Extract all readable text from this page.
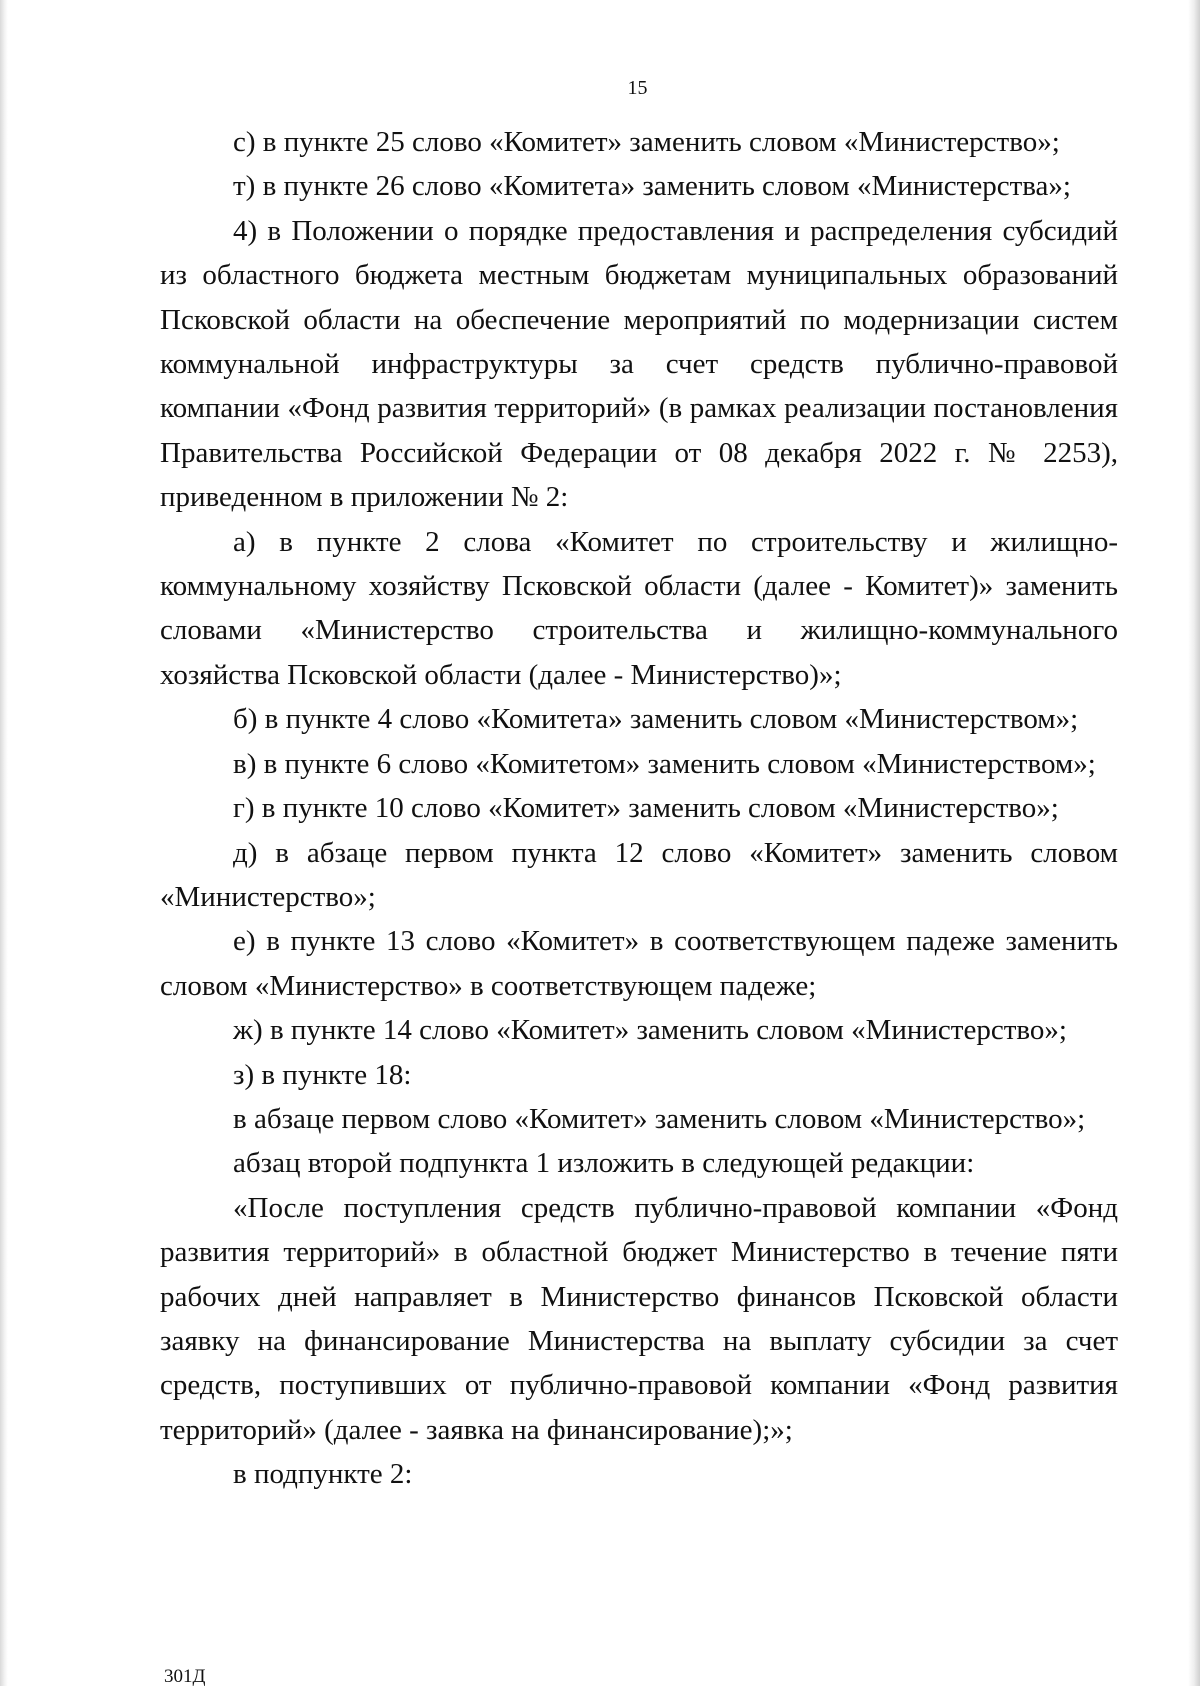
15

с) в пункте 25 слово «Комитет» заменить словом «Министерство»;

т) в пункте 26 слово «Комитета» заменить словом «Министерства»;

4) в Положении о порядке предоставления и распределения субсидий из областного бюджета местным бюджетам муниципальных образований Псковской области на обеспечение мероприятий по модернизации систем коммунальной инфраструктуры за счет средств публично-правовой компании «Фонд развития территорий» (в рамках реализации постановления Правительства Российской Федерации от 08 декабря 2022 г. № 2253), приведенном в приложении № 2:

а) в пункте 2 слова «Комитет по строительству и жилищно-коммунальному хозяйству Псковской области (далее - Комитет)» заменить словами «Министерство строительства и жилищно-коммунального хозяйства Псковской области (далее - Министерство)»;

б) в пункте 4 слово «Комитета» заменить словом «Министерством»;

в) в пункте 6 слово «Комитетом» заменить словом «Министерством»;

г) в пункте 10 слово «Комитет» заменить словом «Министерство»;

д) в абзаце первом пункта 12 слово «Комитет» заменить словом «Министерство»;

е) в пункте 13 слово «Комитет» в соответствующем падеже заменить словом «Министерство» в соответствующем падеже;

ж) в пункте 14 слово «Комитет» заменить словом «Министерство»;

з) в пункте 18:

в абзаце первом слово «Комитет» заменить словом «Министерство»;

абзац второй подпункта 1 изложить в следующей редакции:

«После поступления средств публично-правовой компании «Фонд развития территорий» в областной бюджет Министерство в течение пяти рабочих дней направляет в Министерство финансов Псковской области заявку на финансирование Министерства на выплату субсидии за счет средств, поступивших от публично-правовой компании «Фонд развития территорий» (далее - заявка на финансирование);»;

в подпункте 2:

301Д
